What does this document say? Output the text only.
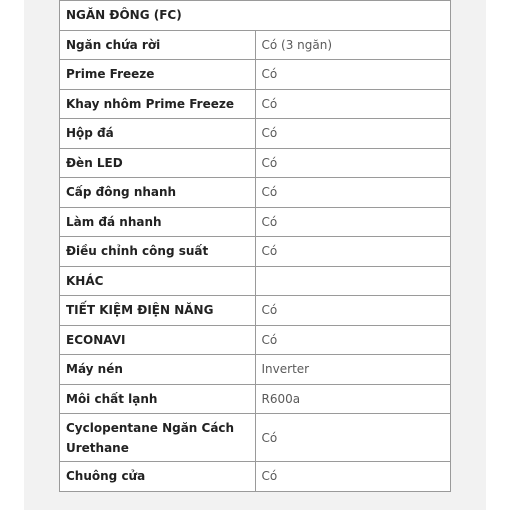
NGĂN ĐÔNG (FC)	
Ngăn chứa rời	Có (3 ngăn)
Prime Freeze	Có
Khay nhôm Prime Freeze	Có
Hộp đá	Có
Đèn LED	Có
Cấp đông nhanh	Có
Làm đá nhanh	Có
Điều chỉnh công suất	Có
KHÁC	
TIẾT KIỆM ĐIỆN NĂNG	Có
ECONAVI	Có
Máy nén	Inverter
Môi chất lạnh	R600a
Cyclopentane Ngăn Cách Urethane	Có
Chuông cửa	Có
